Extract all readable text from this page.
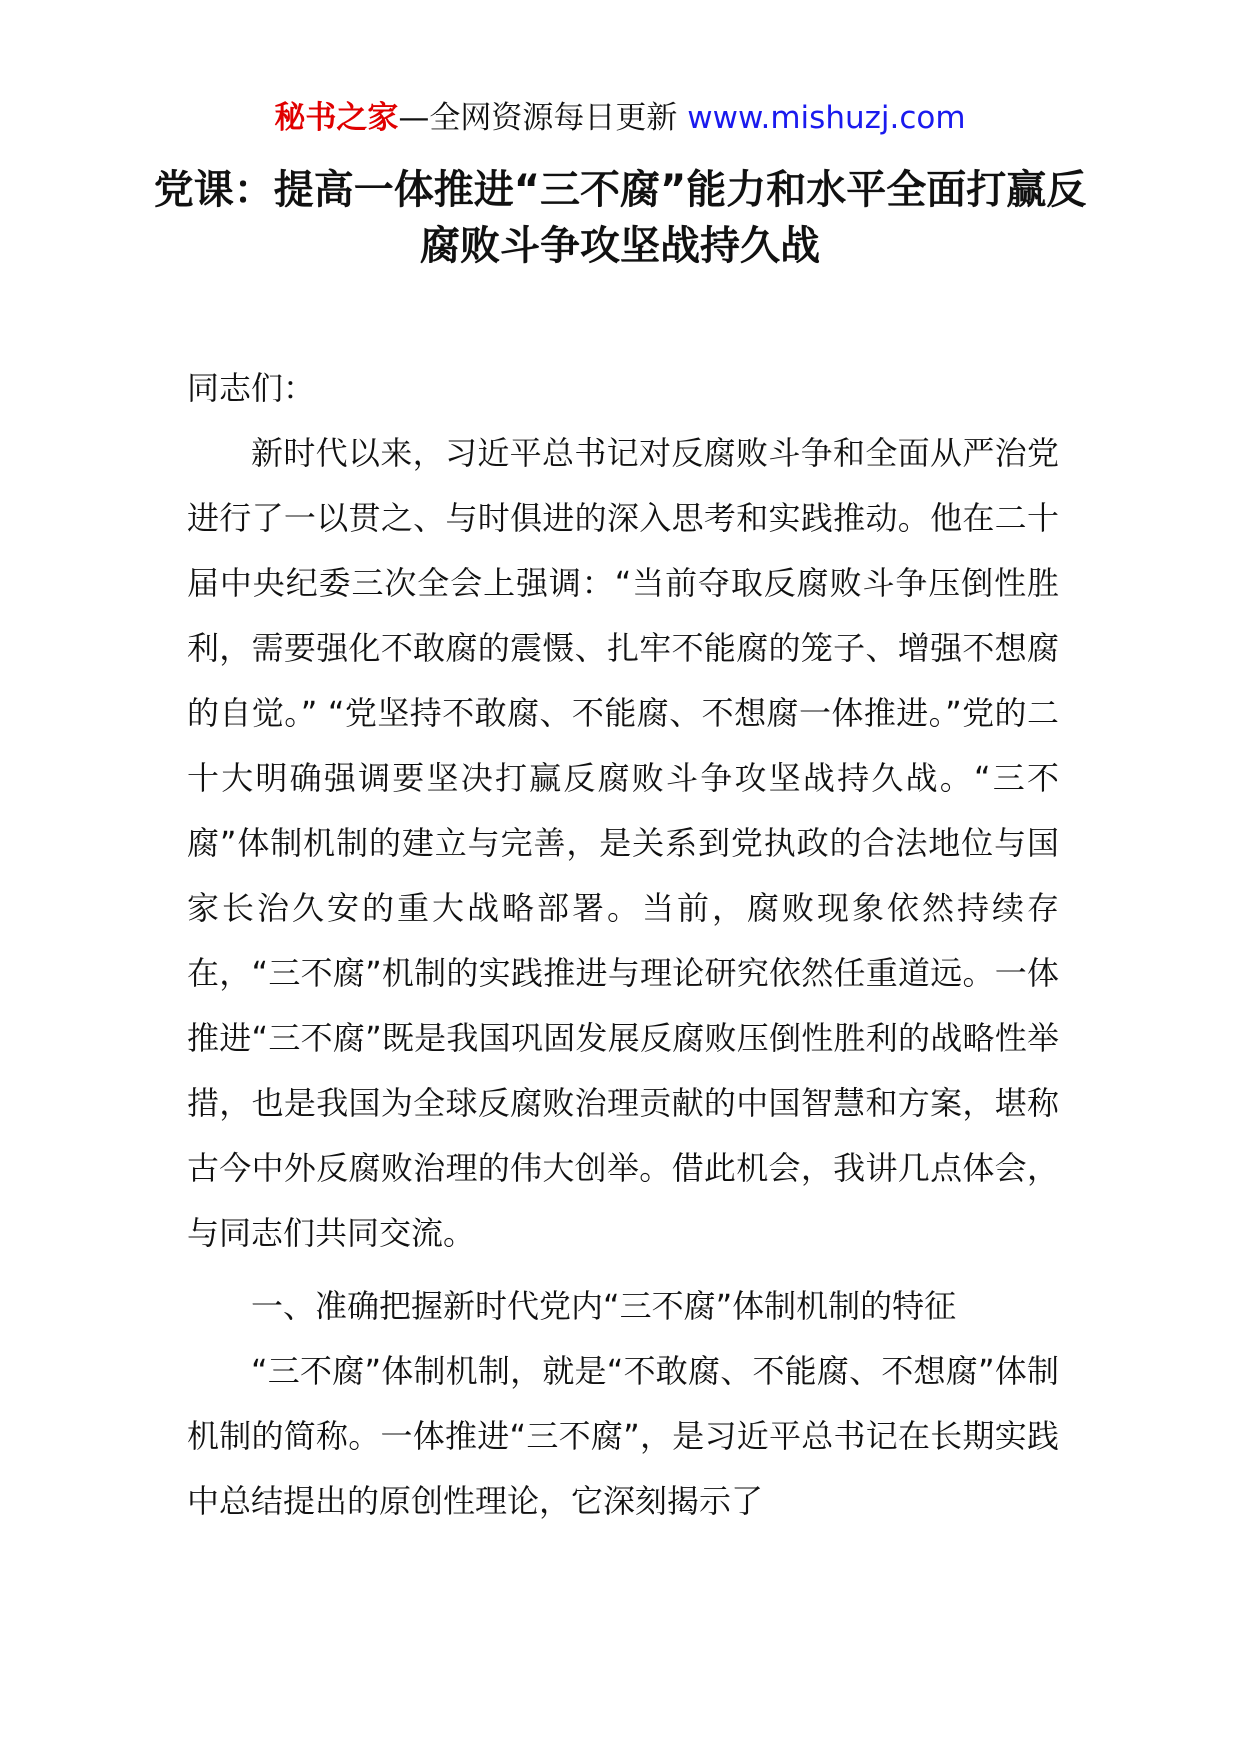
秘书之家—全网资源每日更新 www.mishuzj.com
党课：提高一体推进“三不腐”能力和水平全面打赢反腐败斗争攻坚战持久战

同志们：

新时代以来，习近平总书记对反腐败斗争和全面从严治党进行了一以贯之、与时俱进的深入思考和实践推动。他在二十届中央纪委三次全会上强调：“当前夺取反腐败斗争压倒性胜利，需要强化不敢腐的震慑、扎牢不能腐的笼子、增强不想腐的自觉。” “党坚持不敢腐、不能腐、不想腐一体推进。”党的二十大明确强调要坚决打赢反腐败斗争攻坚战持久战。“三不腐”体制机制的建立与完善，是关系到党执政的合法地位与国家长治久安的重大战略部署。当前，腐败现象依然持续存在，“三不腐”机制的实践推进与理论研究依然任重道远。一体推进“三不腐”既是我国巩固发展反腐败压倒性胜利的战略性举措，也是我国为全球反腐败治理贡献的中国智慧和方案，堪称古今中外反腐败治理的伟大创举。借此机会，我讲几点体会，与同志们共同交流。

一、准确把握新时代党内“三不腐”体制机制的特征

“三不腐”体制机制，就是“不敢腐、不能腐、不想腐”体制机制的简称。一体推进“三不腐”，是习近平总书记在长期实践中总结提出的原创性理论，它深刻揭示了
